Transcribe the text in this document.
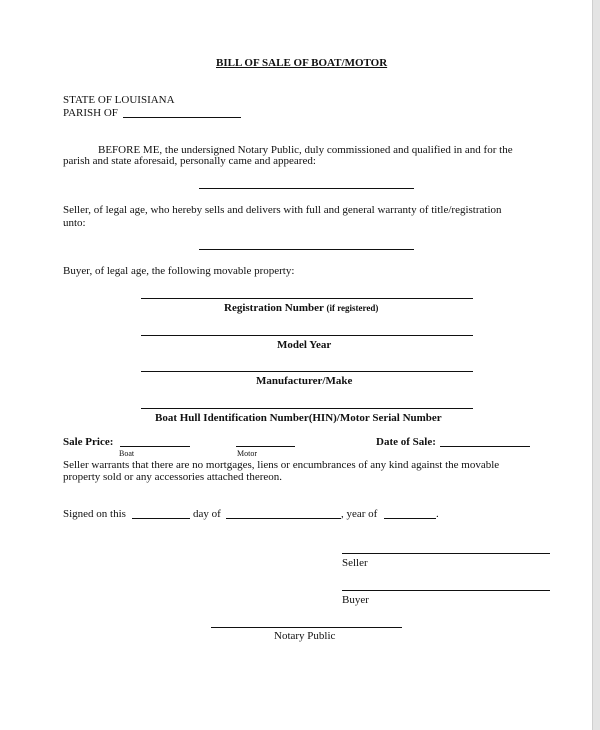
BILL OF SALE OF BOAT/MOTOR
STATE OF LOUISIANA
PARISH OF
BEFORE ME, the undersigned Notary Public, duly commissioned and qualified in and for the
parish and state aforesaid, personally came and appeared:
Seller, of legal age, who hereby sells and delivers with full and general warranty of title/registration
unto:
Buyer, of legal age, the following movable property:
Registration Number (if registered)
Model Year
Manufacturer/Make
Boat Hull Identification Number(HIN)/Motor Serial Number
Sale Price:
Boat	Motor
Date of Sale:
Seller warrants that there are no mortgages, liens or encumbrances of any kind against the movable
property sold or any accessories attached thereon.
Signed on this	day of	, year of	.
Seller
Buyer
Notary Public
